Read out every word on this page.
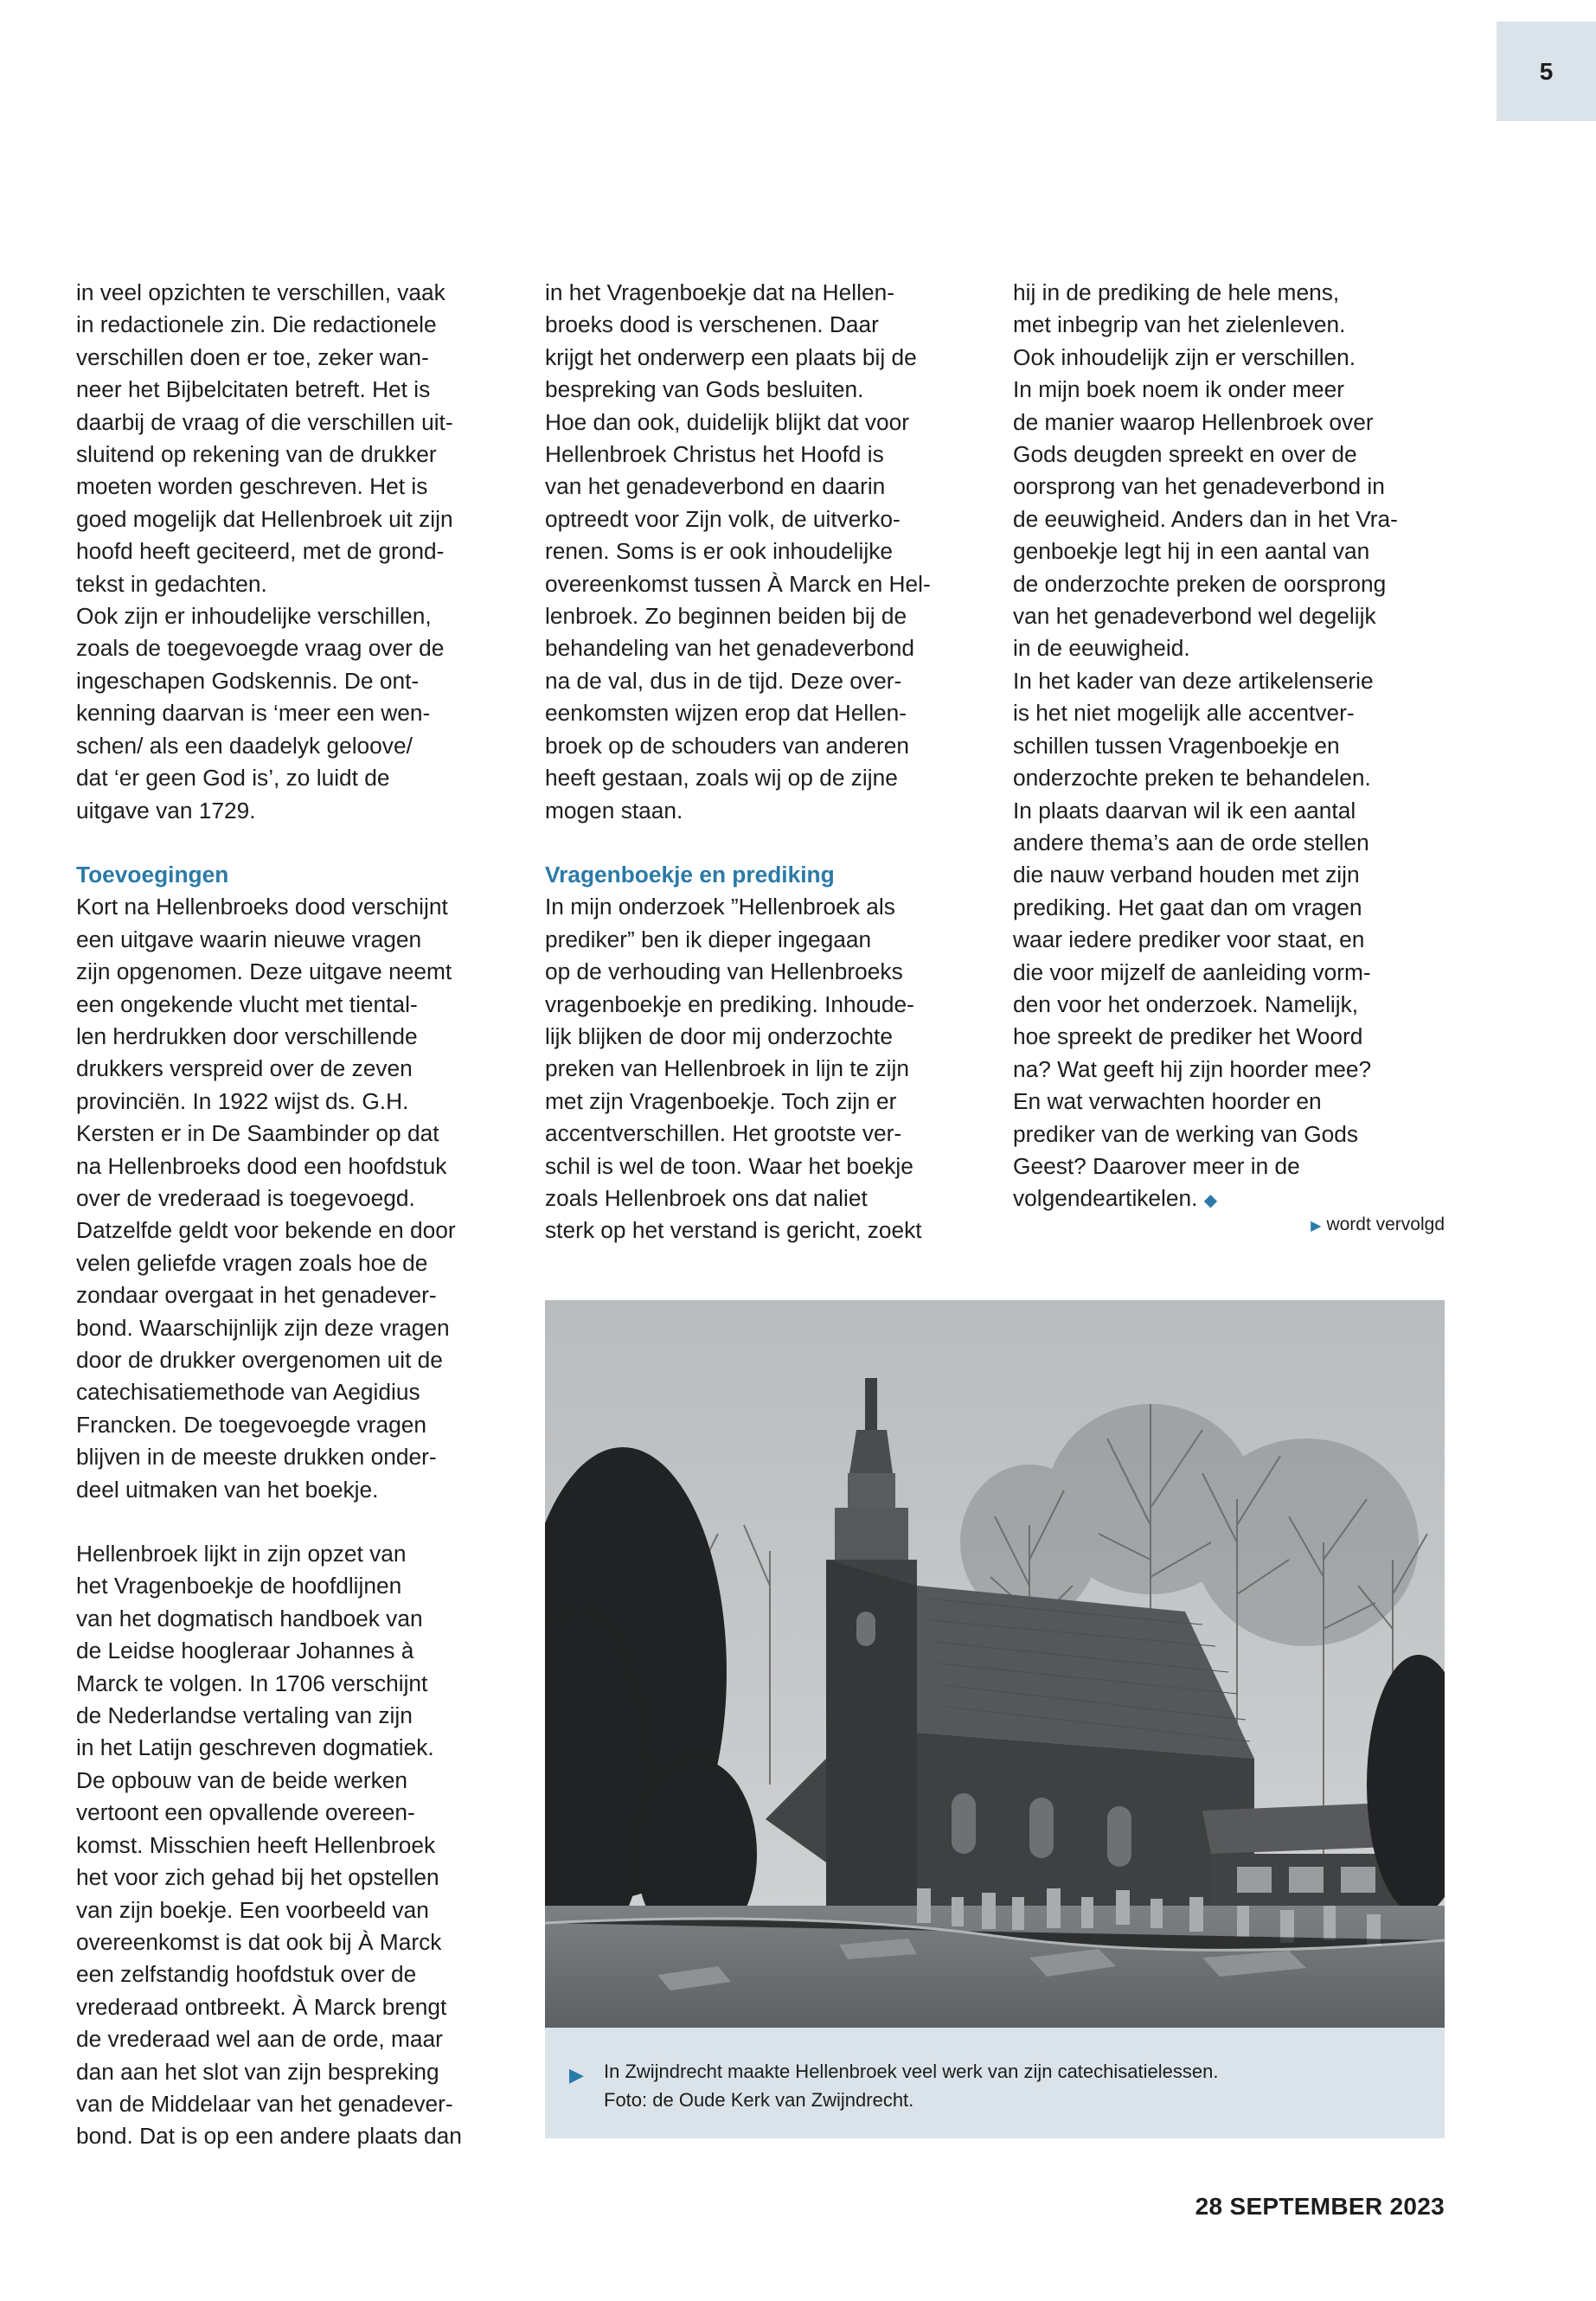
5

in veel opzichten te verschillen, vaak
in redactionele zin. Die redactionele
verschillen doen er toe, zeker wan-
neer het Bijbelcitaten betreft. Het is
daarbij de vraag of die verschillen uit-
sluitend op rekening van de drukker
moeten worden geschreven. Het is
goed mogelijk dat Hellenbroek uit zijn
hoofd heeft geciteerd, met de grond-
tekst in gedachten.

Ook zijn er inhoudelijke verschillen,
zoals de toegevoegde vraag over de
ingeschapen Godskennis. De ont-
kenning daarvan is ‘meer een wen-
schen/ als een daadelyk geloove/
dat ‘er geen God is’, zo luidt de
uitgave van 1729.

Toevoegingen

Kort na Hellenbroeks dood verschijnt
een uitgave waarin nieuwe vragen
zijn opgenomen. Deze uitgave neemt
een ongekende vlucht met tiental-
len herdrukken door verschillende
drukkers verspreid over de zeven
provinciën. In 1922 wijst ds. G.H.
Kersten er in De Saambinder op dat
na Hellenbroeks dood een hoofdstuk
over de vrederaad is toegevoegd.
Datzelfde geldt voor bekende en door
velen geliefde vragen zoals hoe de
zondaar overgaat in het genadever-
bond. Waarschijnlijk zijn deze vragen
door de drukker overgenomen uit de
catechisatiemethode van Aegidius
Francken. De toegevoegde vragen
blijven in de meeste drukken onder-
deel uitmaken van het boekje.

Hellenbroek lijkt in zijn opzet van
het Vragenboekje de hoofdlijnen
van het dogmatisch handboek van
de Leidse hoogleraar Johannes à
Marck te volgen. In 1706 verschijnt
de Nederlandse vertaling van zijn
in het Latijn geschreven dogmatiek.
De opbouw van de beide werken
vertoont een opvallende overeen-
komst. Misschien heeft Hellenbroek
het voor zich gehad bij het opstellen
van zijn boekje. Een voorbeeld van
overeenkomst is dat ook bij À Marck
een zelfstandig hoofdstuk over de
vrederaad ontbreekt. À Marck brengt
de vrederaad wel aan de orde, maar
dan aan het slot van zijn bespreking
van de Middelaar van het genadever-
bond. Dat is op een andere plaats dan

in het Vragenboekje dat na Hellen-
broeks dood is verschenen. Daar
krijgt het onderwerp een plaats bij de
bespreking van Gods besluiten.

Hoe dan ook, duidelijk blijkt dat voor
Hellenbroek Christus het Hoofd is
van het genadeverbond en daarin
optreedt voor Zijn volk, de uitverko-
renen. Soms is er ook inhoudelijke
overeenkomst tussen À Marck en Hel-
lenbroek. Zo beginnen beiden bij de
behandeling van het genadeverbond
na de val, dus in de tijd. Deze over-
eenkomsten wijzen erop dat Hellen-
broek op de schouders van anderen
heeft gestaan, zoals wij op de zijne
mogen staan.

Vragenboekje en prediking

In mijn onderzoek ”Hellenbroek als
prediker” ben ik dieper ingegaan
op de verhouding van Hellenbroeks
vragenboekje en prediking. Inhoude-
lijk blijken de door mij onderzochte
preken van Hellenbroek in lijn te zijn
met zijn Vragenboekje. Toch zijn er
accentverschillen. Het grootste ver-
schil is wel de toon. Waar het boekje
zoals Hellenbroek ons dat naliet
sterk op het verstand is gericht, zoekt

hij in de prediking de hele mens,
met inbegrip van het zielenleven.

Ook inhoudelijk zijn er verschillen.
In mijn boek noem ik onder meer
de manier waarop Hellenbroek over
Gods deugden spreekt en over de
oorsprong van het genadeverbond in
de eeuwigheid. Anders dan in het Vra-
genboekje legt hij in een aantal van
de onderzochte preken de oorsprong
van het genadeverbond wel degelijk
in de eeuwigheid.

In het kader van deze artikelenserie
is het niet mogelijk alle accentver-
schillen tussen Vragenboekje en
onderzochte preken te behandelen.

In plaats daarvan wil ik een aantal
andere thema’s aan de orde stellen
die nauw verband houden met zijn
prediking. Het gaat dan om vragen
waar iedere prediker voor staat, en
die voor mijzelf de aanleiding vorm-
den voor het onderzoek. Namelijk,
hoe spreekt de prediker het Woord
na? Wat geeft hij zijn hoorder mee?
En wat verwachten hoorder en
prediker van de werking van Gods
Geest? Daarover meer in de volgendeartikelen. ◆

▶ wordt vervolgd
▶ In Zwijndrecht maakte Hellenbroek veel werk van zijn catechisatielessen.

Foto: de Oude Kerk van Zwijndrecht.

28 SEPTEMBER 2023
